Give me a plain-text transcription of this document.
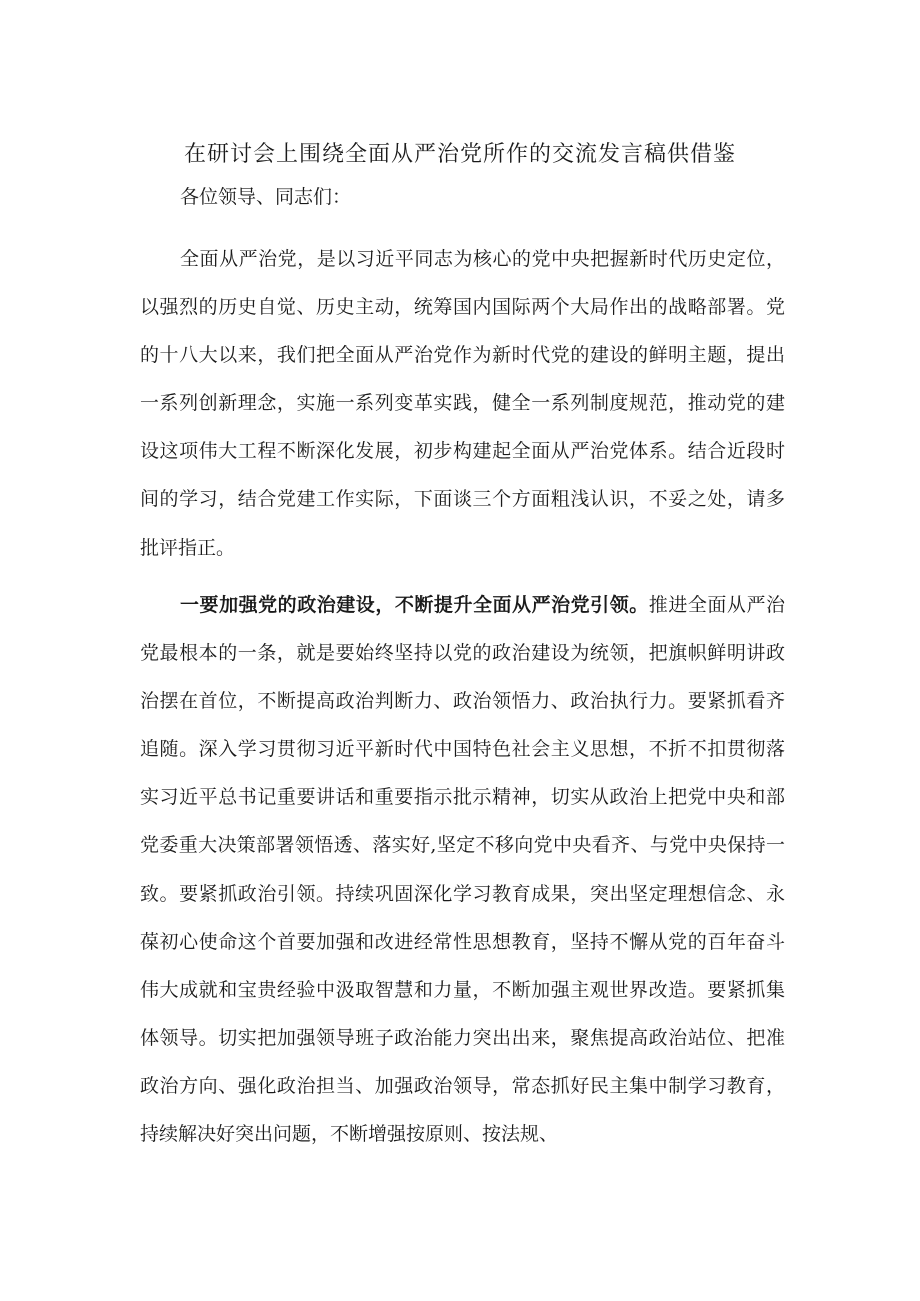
在研讨会上围绕全面从严治党所作的交流发言稿供借鉴
各位领导、同志们：

全面从严治党，是以习近平同志为核心的党中央把握新时代历史定位，以强烈的历史自觉、历史主动，统筹国内国际两个大局作出的战略部署。党的十八大以来，我们把全面从严治党作为新时代党的建设的鲜明主题，提出一系列创新理念，实施一系列变革实践，健全一系列制度规范，推动党的建设这项伟大工程不断深化发展，初步构建起全面从严治党体系。结合近段时间的学习，结合党建工作实际，下面谈三个方面粗浅认识，不妥之处，请多批评指正。

一要加强党的政治建设，不断提升全面从严治党引领。推进全面从严治党最根本的一条，就是要始终坚持以党的政治建设为统领，把旗帜鲜明讲政治摆在首位，不断提高政治判断力、政治领悟力、政治执行力。要紧抓看齐追随。深入学习贯彻习近平新时代中国特色社会主义思想，不折不扣贯彻落实习近平总书记重要讲话和重要指示批示精神，切实从政治上把党中央和部党委重大决策部署领悟透、落实好,坚定不移向党中央看齐、与党中央保持一致。要紧抓政治引领。持续巩固深化学习教育成果，突出坚定理想信念、永葆初心使命这个首要加强和改进经常性思想教育，坚持不懈从党的百年奋斗伟大成就和宝贵经验中汲取智慧和力量，不断加强主观世界改造。要紧抓集体领导。切实把加强领导班子政治能力突出出来，聚焦提高政治站位、把准政治方向、强化政治担当、加强政治领导，常态抓好民主集中制学习教育，持续解决好突出问题，不断增强按原则、按法规、
